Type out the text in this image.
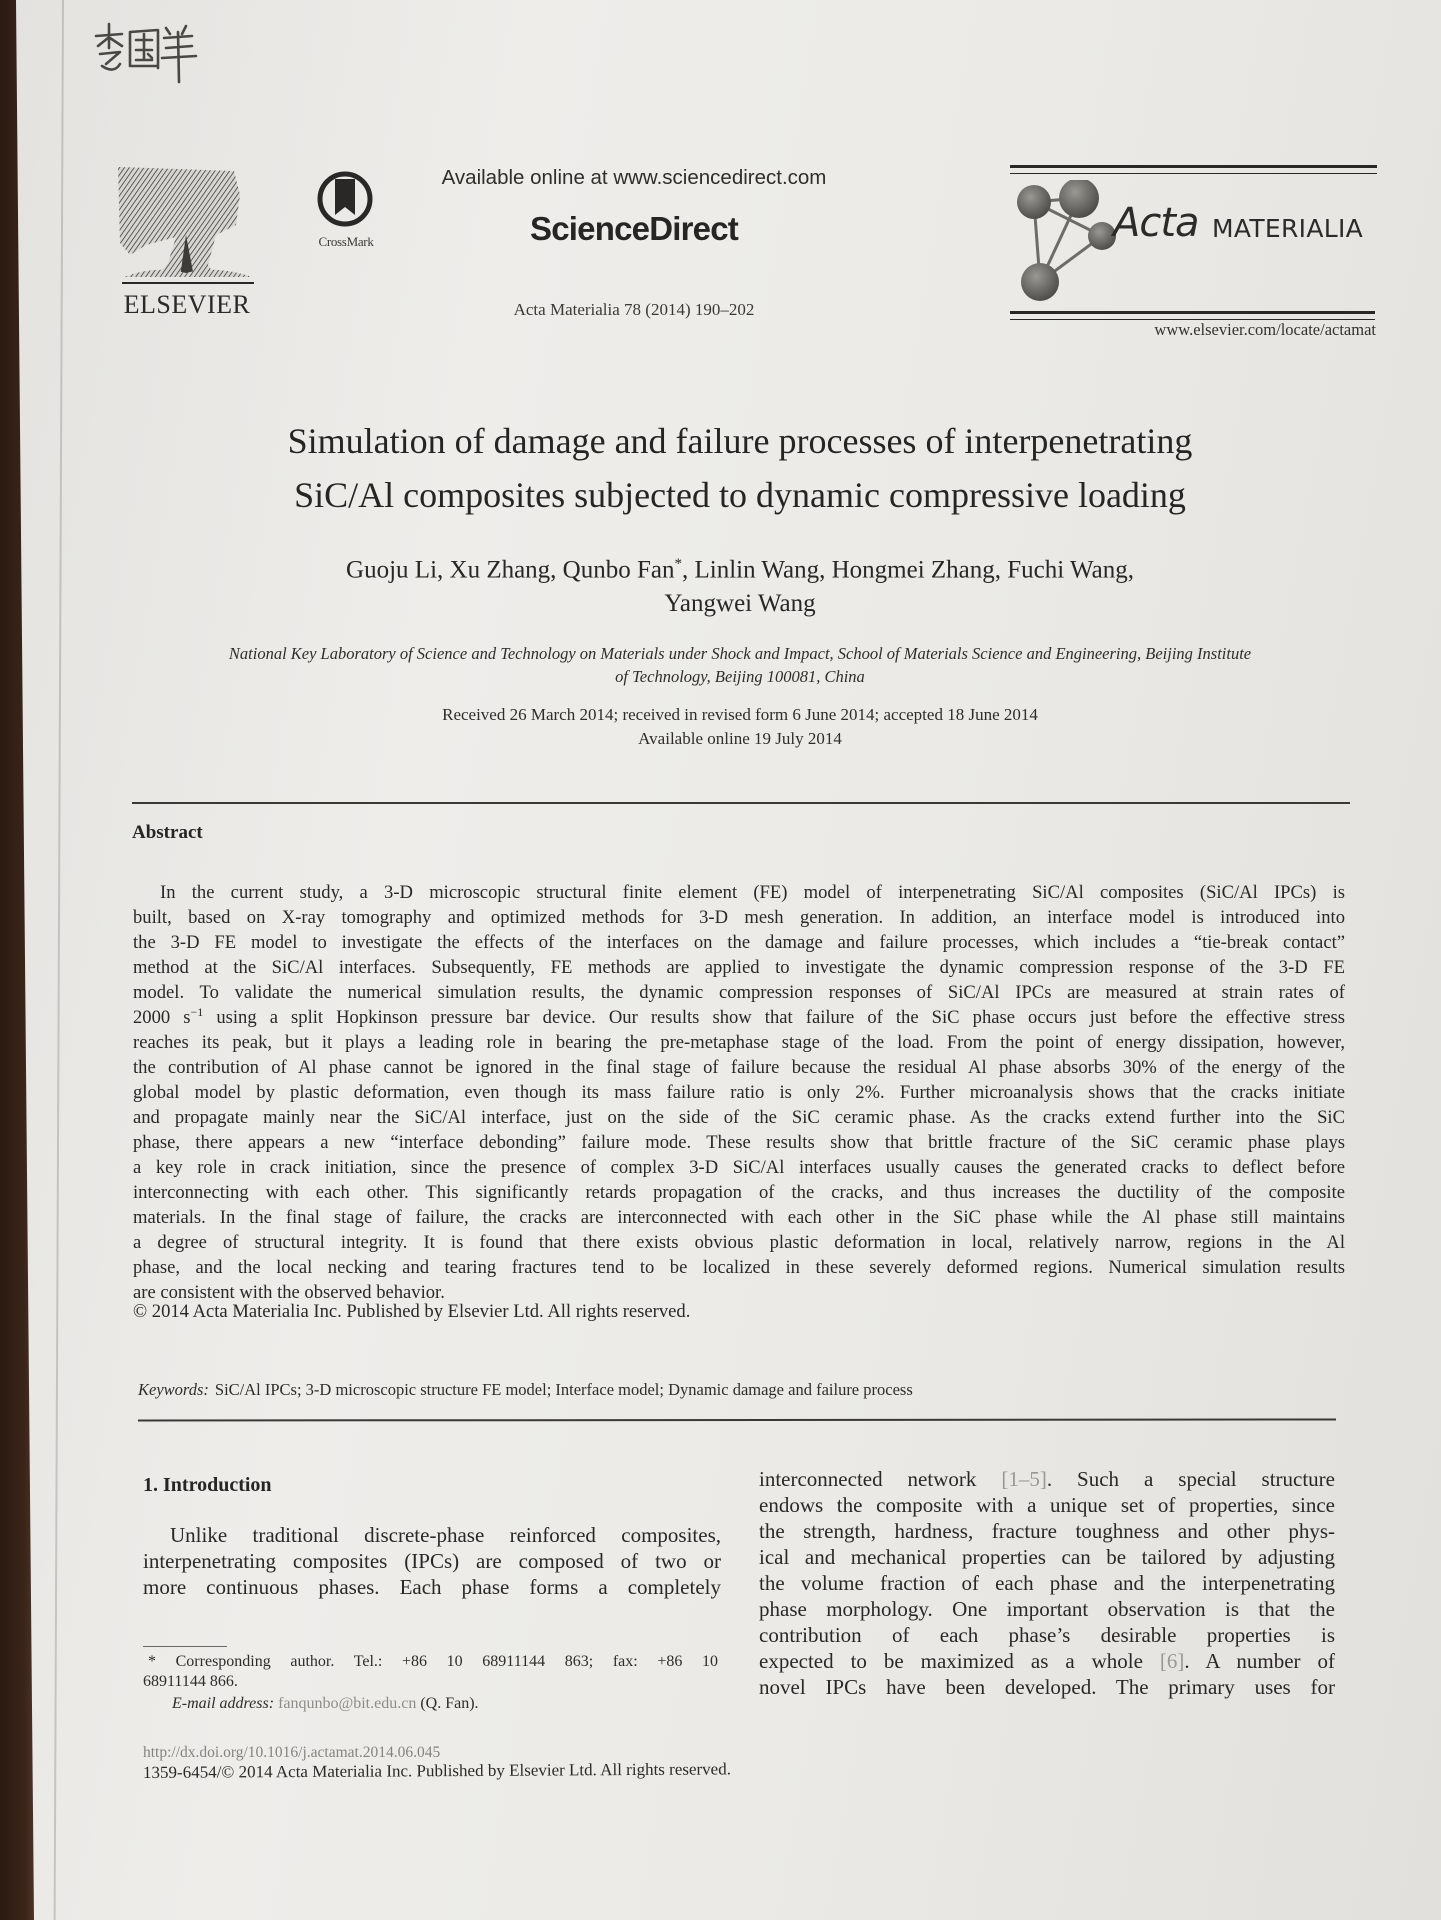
ELSEVIER
CrossMark
Available online at www.sciencedirect.com
ScienceDirect
Acta Materialia 78 (2014) 190–202
Acta MATERIALIA
www.elsevier.com/locate/actamat
Simulation of damage and failure processes of interpenetrating
SiC/Al composites subjected to dynamic compressive loading
Guoju Li, Xu Zhang, Qunbo Fan*, Linlin Wang, Hongmei Zhang, Fuchi Wang,
Yangwei Wang
National Key Laboratory of Science and Technology on Materials under Shock and Impact, School of Materials Science and Engineering, Beijing Institute
of Technology, Beijing 100081, China
Received 26 March 2014; received in revised form 6 June 2014; accepted 18 June 2014
Available online 19 July 2014
Abstract
In the current study, a 3-D microscopic structural finite element (FE) model of interpenetrating SiC/Al composites (SiC/Al IPCs) is
built, based on X-ray tomography and optimized methods for 3-D mesh generation. In addition, an interface model is introduced into
the 3-D FE model to investigate the effects of the interfaces on the damage and failure processes, which includes a “tie-break contact”
method at the SiC/Al interfaces. Subsequently, FE methods are applied to investigate the dynamic compression response of the 3-D FE
model. To validate the numerical simulation results, the dynamic compression responses of SiC/Al IPCs are measured at strain rates of
2000 $s^{-1}$ using a split Hopkinson pressure bar device. Our results show that failure of the SiC phase occurs just before the effective stress
reaches its peak, but it plays a leading role in bearing the pre-metaphase stage of the load. From the point of energy dissipation, however,
the contribution of Al phase cannot be ignored in the final stage of failure because the residual Al phase absorbs 30% of the energy of the
global model by plastic deformation, even though its mass failure ratio is only 2%. Further microanalysis shows that the cracks initiate
and propagate mainly near the SiC/Al interface, just on the side of the SiC ceramic phase. As the cracks extend further into the SiC
phase, there appears a new “interface debonding” failure mode. These results show that brittle fracture of the SiC ceramic phase plays
a key role in crack initiation, since the presence of complex 3-D SiC/Al interfaces usually causes the generated cracks to deflect before
interconnecting with each other. This significantly retards propagation of the cracks, and thus increases the ductility of the composite
materials. In the final stage of failure, the cracks are interconnected with each other in the SiC phase while the Al phase still maintains
a degree of structural integrity. It is found that there exists obvious plastic deformation in local, relatively narrow, regions in the Al
phase, and the local necking and tearing fractures tend to be localized in these severely deformed regions. Numerical simulation results
are consistent with the observed behavior.
© 2014 Acta Materialia Inc. Published by Elsevier Ltd. All rights reserved.
Keywords: SiC/Al IPCs; 3-D microscopic structure FE model; Interface model; Dynamic damage and failure process
1. Introduction
Unlike traditional discrete-phase reinforced composites,
interpenetrating composites (IPCs) are composed of two or
more continuous phases. Each phase forms a completely
interconnected network [1–5]. Such a special structure
endows the composite with a unique set of properties, since
the strength, hardness, fracture toughness and other phys-
ical and mechanical properties can be tailored by adjusting
the volume fraction of each phase and the interpenetrating
phase morphology. One important observation is that the
contribution of each phase’s desirable properties is
expected to be maximized as a whole [6]. A number of
novel IPCs have been developed. The primary uses for
* Corresponding author. Tel.: +86 10 68911144 863; fax: +86 10
68911144 866.
E-mail address: fanqunbo@bit.edu.cn (Q. Fan).
http://dx.doi.org/10.1016/j.actamat.2014.06.045
1359-6454/© 2014 Acta Materialia Inc. Published by Elsevier Ltd. All rights reserved.
